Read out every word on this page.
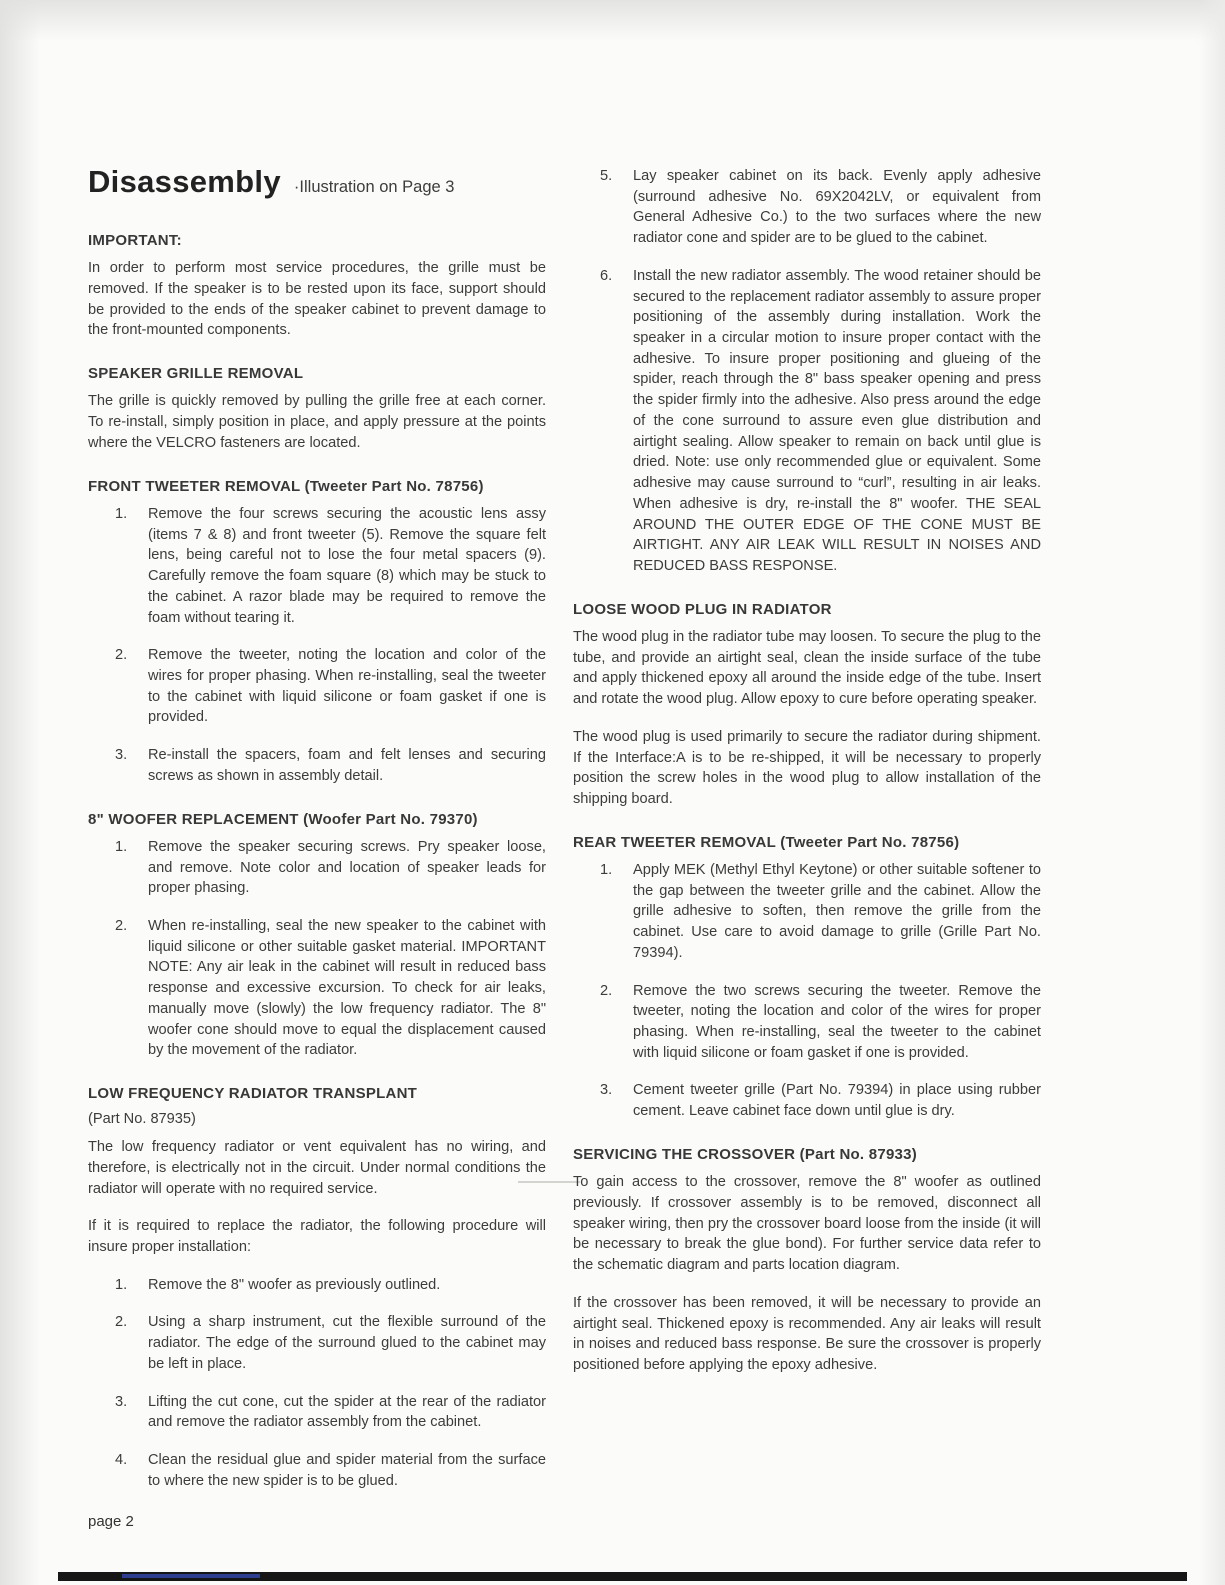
Disassembly ·Illustration on Page 3
IMPORTANT:

In order to perform most service procedures, the grille must be removed. If the speaker is to be rested upon its face, support should be provided to the ends of the speaker cabinet to prevent damage to the front-mounted components.

SPEAKER GRILLE REMOVAL

The grille is quickly removed by pulling the grille free at each corner. To re-install, simply position in place, and apply pressure at the points where the VELCRO fasteners are located.

FRONT TWEETER REMOVAL (Tweeter Part No. 78756)
1.	Remove the four screws securing the acoustic lens assy (items 7 & 8) and front tweeter (5). Remove the square felt lens, being careful not to lose the four metal spacers (9). Carefully remove the foam square (8) which may be stuck to the cabinet. A razor blade may be required to remove the foam without tearing it.
2.	Remove the tweeter, noting the location and color of the wires for proper phasing. When re-installing, seal the tweeter to the cabinet with liquid silicone or foam gasket if one is provided.
3.	Re-install the spacers, foam and felt lenses and securing screws as shown in assembly detail.
8" WOOFER REPLACEMENT (Woofer Part No. 79370)
1.	Remove the speaker securing screws. Pry speaker loose, and remove. Note color and location of speaker leads for proper phasing.
2.	When re-installing, seal the new speaker to the cabinet with liquid silicone or other suitable gasket material. IMPORTANT NOTE: Any air leak in the cabinet will result in reduced bass response and excessive excursion. To check for air leaks, manually move (slowly) the low frequency radiator. The 8" woofer cone should move to equal the displacement caused by the movement of the radiator.
LOW FREQUENCY RADIATOR TRANSPLANT
(Part No. 87935)

The low frequency radiator or vent equivalent has no wiring, and therefore, is electrically not in the circuit. Under normal conditions the radiator will operate with no required service.

If it is required to replace the radiator, the following procedure will insure proper installation:

1.	Remove the 8" woofer as previously outlined.
2.	Using a sharp instrument, cut the flexible surround of the radiator. The edge of the surround glued to the cabinet may be left in place.
3.	Lifting the cut cone, cut the spider at the rear of the radiator and remove the radiator assembly from the cabinet.
4.	Clean the residual glue and spider material from the surface to where the new spider is to be glued.
5.	Lay speaker cabinet on its back. Evenly apply adhesive (surround adhesive No. 69X2042LV, or equivalent from General Adhesive Co.) to the two surfaces where the new radiator cone and spider are to be glued to the cabinet.
6.	Install the new radiator assembly. The wood retainer should be secured to the replacement radiator assembly to assure proper positioning of the assembly during installation. Work the speaker in a circular motion to insure proper contact with the adhesive. To insure proper positioning and glueing of the spider, reach through the 8" bass speaker opening and press the spider firmly into the adhesive. Also press around the edge of the cone surround to assure even glue distribution and airtight sealing. Allow speaker to remain on back until glue is dried. Note: use only recommended glue or equivalent. Some adhesive may cause surround to “curl”, resulting in air leaks. When adhesive is dry, re-install the 8" woofer. THE SEAL AROUND THE OUTER EDGE OF THE CONE MUST BE AIRTIGHT. ANY AIR LEAK WILL RESULT IN NOISES AND REDUCED BASS RESPONSE.
LOOSE WOOD PLUG IN RADIATOR

The wood plug in the radiator tube may loosen. To secure the plug to the tube, and provide an airtight seal, clean the inside surface of the tube and apply thickened epoxy all around the inside edge of the tube. Insert and rotate the wood plug. Allow epoxy to cure before operating speaker.

The wood plug is used primarily to secure the radiator during shipment. If the Interface:A is to be re-shipped, it will be necessary to properly position the screw holes in the wood plug to allow installation of the shipping board.

REAR TWEETER REMOVAL (Tweeter Part No. 78756)
1.	Apply MEK (Methyl Ethyl Keytone) or other suitable softener to the gap between the tweeter grille and the cabinet. Allow the grille adhesive to soften, then remove the grille from the cabinet. Use care to avoid damage to grille (Grille Part No. 79394).
2.	Remove the two screws securing the tweeter. Remove the tweeter, noting the location and color of the wires for proper phasing. When re-installing, seal the tweeter to the cabinet with liquid silicone or foam gasket if one is provided.
3.	Cement tweeter grille (Part No. 79394) in place using rubber cement. Leave cabinet face down until glue is dry.
SERVICING THE CROSSOVER (Part No. 87933)

To gain access to the crossover, remove the 8" woofer as outlined previously. If crossover assembly is to be removed, disconnect all speaker wiring, then pry the crossover board loose from the inside (it will be necessary to break the glue bond). For further service data refer to the schematic diagram and parts location diagram.

If the crossover has been removed, it will be necessary to provide an airtight seal. Thickened epoxy is recommended. Any air leaks will result in noises and reduced bass response. Be sure the crossover is properly positioned before applying the epoxy adhesive.

page 2
